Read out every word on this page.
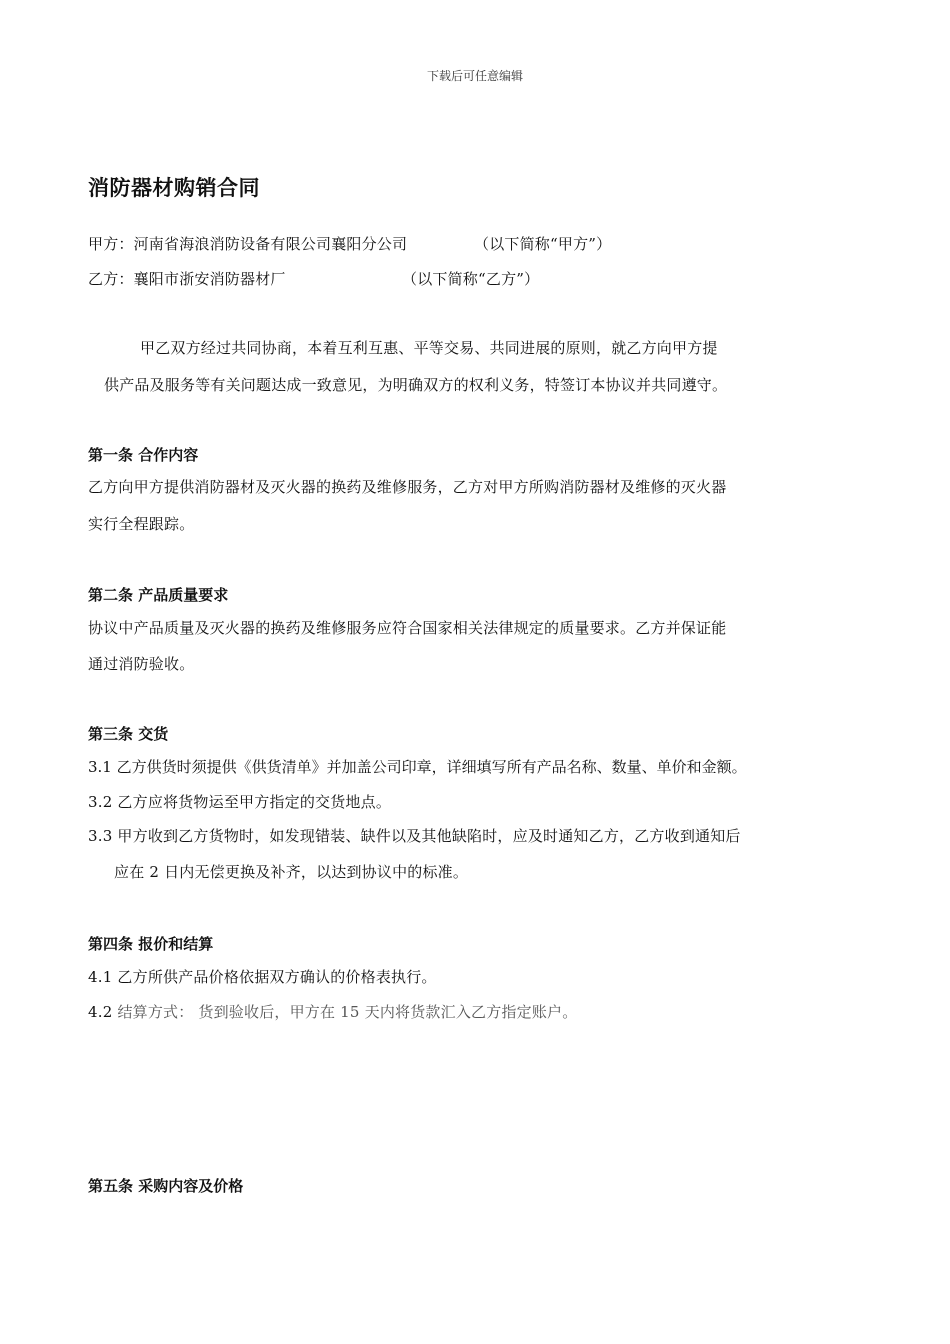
下载后可任意编辑
消防器材购销合同
甲方：河南省海浪消防设备有限公司襄阳分公司	（以下简称“甲方”）
乙方：襄阳市浙安消防器材厂	（以下简称“乙方”）
甲乙双方经过共同协商，本着互利互惠、平等交易、共同进展的原则，就乙方向甲方提
供产品及服务等有关问题达成一致意见，为明确双方的权利义务，特签订本协议并共同遵守。
第一条 合作内容
乙方向甲方提供消防器材及灭火器的换药及维修服务，乙方对甲方所购消防器材及维修的灭火器
实行全程跟踪。
第二条 产品质量要求
协议中产品质量及灭火器的换药及维修服务应符合国家相关法律规定的质量要求。乙方并保证能
通过消防验收。
第三条 交货
3.1 乙方供货时须提供《供货清单》并加盖公司印章，详细填写所有产品名称、数量、单价和金额。
3.2 乙方应将货物运至甲方指定的交货地点。
3.3 甲方收到乙方货物时，如发现错装、缺件以及其他缺陷时，应及时通知乙方，乙方收到通知后
应在 2 日内无偿更换及补齐，以达到协议中的标准。
第四条 报价和结算
4.1 乙方所供产品价格依据双方确认的价格表执行。
4.2 结算方式： 货到验收后，甲方在 15 天内将货款汇入乙方指定账户。
第五条 采购内容及价格
